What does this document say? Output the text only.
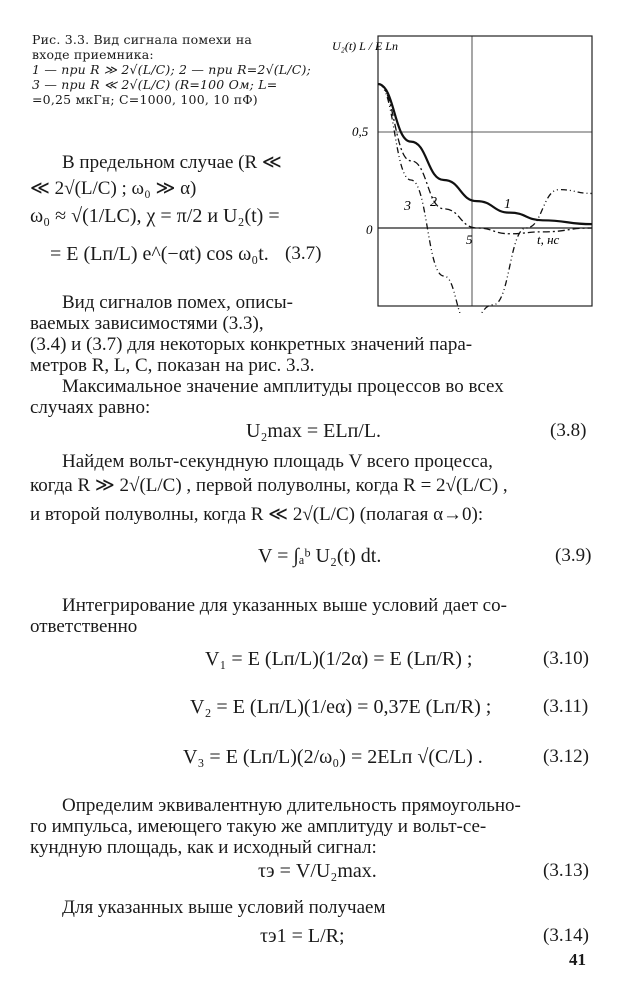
Рис. 3.3. Вид сигнала помехи на
входе приемника:
1 — при R ≫ 2√(L/C); 2 — при R=2√(L/C);
3 — при R ≪ 2√(L/C) (R=100 Ом; L=
=0,25 мкГн; C=1000, 100, 10 пФ)
U₂(t) L / E Lп
0,5
0
5	t, нс
1
2
3
В предельном случае (R ≪
≪ 2√(L/C) ; ω₀ ≫ α)
ω₀ ≈ √(1/LC), χ = π/2 и U₂(t) =
= E (Lп/L) e^(−αt) cos ω₀t. (3.7)
Вид сигналов помех, описы-
ваемых зависимостями (3.3),
(3.4) и (3.7) для некоторых конкретных значений пара-
метров R, L, C, показан на рис. 3.3.
Максимальное значение амплитуды процессов во всех
случаях равно:
U₂max = ELп/L.	(3.8)
Найдем вольт-секундную площадь V всего процесса,
когда R ≫ 2√(L/C) , первой полуволны, когда R = 2√(L/C) ,
и второй полуволны, когда R ≪ 2√(L/C) (полагая α→0):
V = ∫ₐᵇ U₂(t) dt.	(3.9)
Интегрирование для указанных выше условий дает со-
ответственно
V₁ = E (Lп/L)(1/2α) = E (Lп/R) ;	(3.10)
V₂ = E (Lп/L)(1/eα) = 0,37E (Lп/R) ;	(3.11)
V₃ = E (Lп/L)(2/ω₀) = 2ELп √(C/L) .	(3.12)
Определим эквивалентную длительность прямоугольно-
го импульса, имеющего такую же амплитуду и вольт-се-
кундную площадь, как и исходный сигнал:
τэ = V/U₂max.	(3.13)
Для указанных выше условий получаем
τэ1 = L/R;	(3.14)
41
